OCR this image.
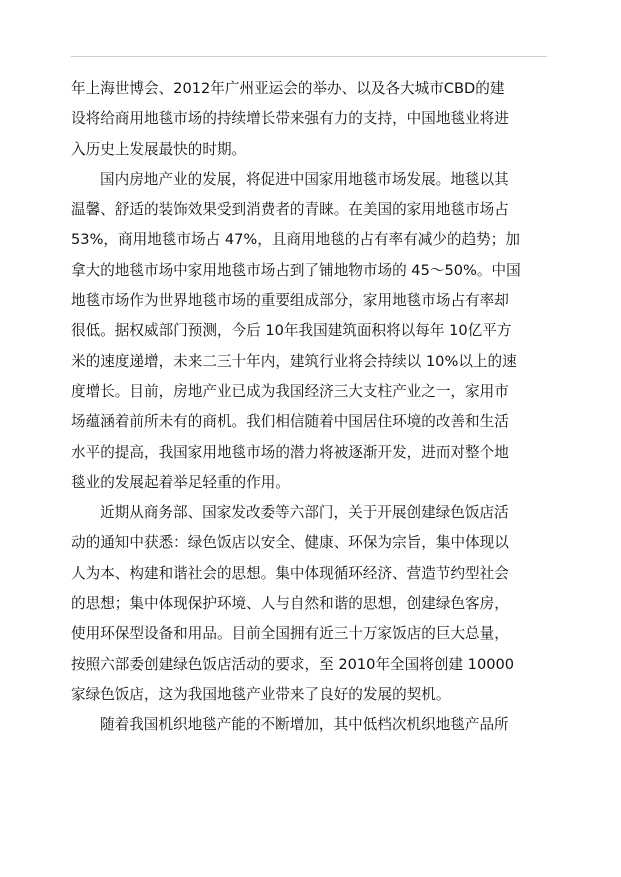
年上海世博会、2012年广州亚运会的举办、以及各大城市CBD的建

设将给商用地毯市场的持续增长带来强有力的支持，中国地毯业将进

入历史上发展最快的时期。

国内房地产业的发展，将促进中国家用地毯市场发展。地毯以其

温馨、舒适的装饰效果受到消费者的青睐。在美国的家用地毯市场占

53%，商用地毯市场占 47%，且商用地毯的占有率有减少的趋势；加

拿大的地毯市场中家用地毯市场占到了铺地物市场的 45～50%。中国

地毯市场作为世界地毯市场的重要组成部分，家用地毯市场占有率却

很低。据权威部门预测，今后 10年我国建筑面积将以每年 10亿平方

米的速度递增，未来二三十年内，建筑行业将会持续以 10%以上的速

度增长。目前，房地产业已成为我国经济三大支柱产业之一，家用市

场蕴涵着前所未有的商机。我们相信随着中国居住环境的改善和生活

水平的提高，我国家用地毯市场的潜力将被逐渐开发，进而对整个地

毯业的发展起着举足轻重的作用。

近期从商务部、国家发改委等六部门，关于开展创建绿色饭店活

动的通知中获悉：绿色饭店以安全、健康、环保为宗旨，集中体现以

人为本、构建和谐社会的思想。集中体现循环经济、营造节约型社会

的思想；集中体现保护环境、人与自然和谐的思想，创建绿色客房，

使用环保型设备和用品。目前全国拥有近三十万家饭店的巨大总量，

按照六部委创建绿色饭店活动的要求，至 2010年全国将创建 10000

家绿色饭店，这为我国地毯产业带来了良好的发展的契机。

随着我国机织地毯产能的不断增加，其中低档次机织地毯产品所
